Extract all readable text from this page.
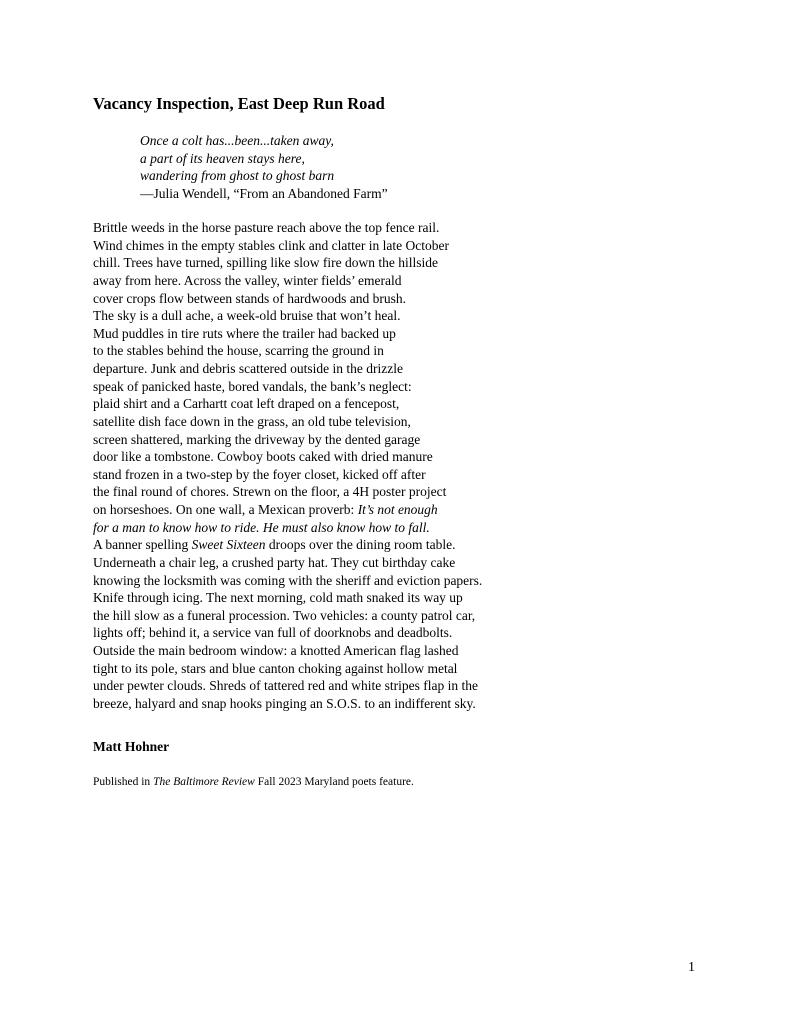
Vacancy Inspection, East Deep Run Road
Once a colt has...been...taken away,
a part of its heaven stays here,
wandering from ghost to ghost barn
—Julia Wendell, “From an Abandoned Farm”
Brittle weeds in the horse pasture reach above the top fence rail.
Wind chimes in the empty stables clink and clatter in late October
chill. Trees have turned, spilling like slow fire down the hillside
away from here. Across the valley, winter fields’ emerald
cover crops flow between stands of hardwoods and brush.
The sky is a dull ache, a week-old bruise that won’t heal.
Mud puddles in tire ruts where the trailer had backed up
to the stables behind the house, scarring the ground in
departure. Junk and debris scattered outside in the drizzle
speak of panicked haste, bored vandals, the bank’s neglect:
plaid shirt and a Carhartt coat left draped on a fencepost,
satellite dish face down in the grass, an old tube television,
screen shattered, marking the driveway by the dented garage
door like a tombstone. Cowboy boots caked with dried manure
stand frozen in a two-step by the foyer closet, kicked off after
the final round of chores. Strewn on the floor, a 4H poster project
on horseshoes. On one wall, a Mexican proverb: It’s not enough
for a man to know how to ride. He must also know how to fall.
A banner spelling Sweet Sixteen droops over the dining room table.
Underneath a chair leg, a crushed party hat. They cut birthday cake
knowing the locksmith was coming with the sheriff and eviction papers.
Knife through icing. The next morning, cold math snaked its way up
the hill slow as a funeral procession. Two vehicles: a county patrol car,
lights off; behind it, a service van full of doorknobs and deadbolts.
Outside the main bedroom window: a knotted American flag lashed
tight to its pole, stars and blue canton choking against hollow metal
under pewter clouds. Shreds of tattered red and white stripes flap in the
breeze, halyard and snap hooks pinging an S.O.S. to an indifferent sky.
Matt Hohner
Published in The Baltimore Review Fall 2023 Maryland poets feature.
1
